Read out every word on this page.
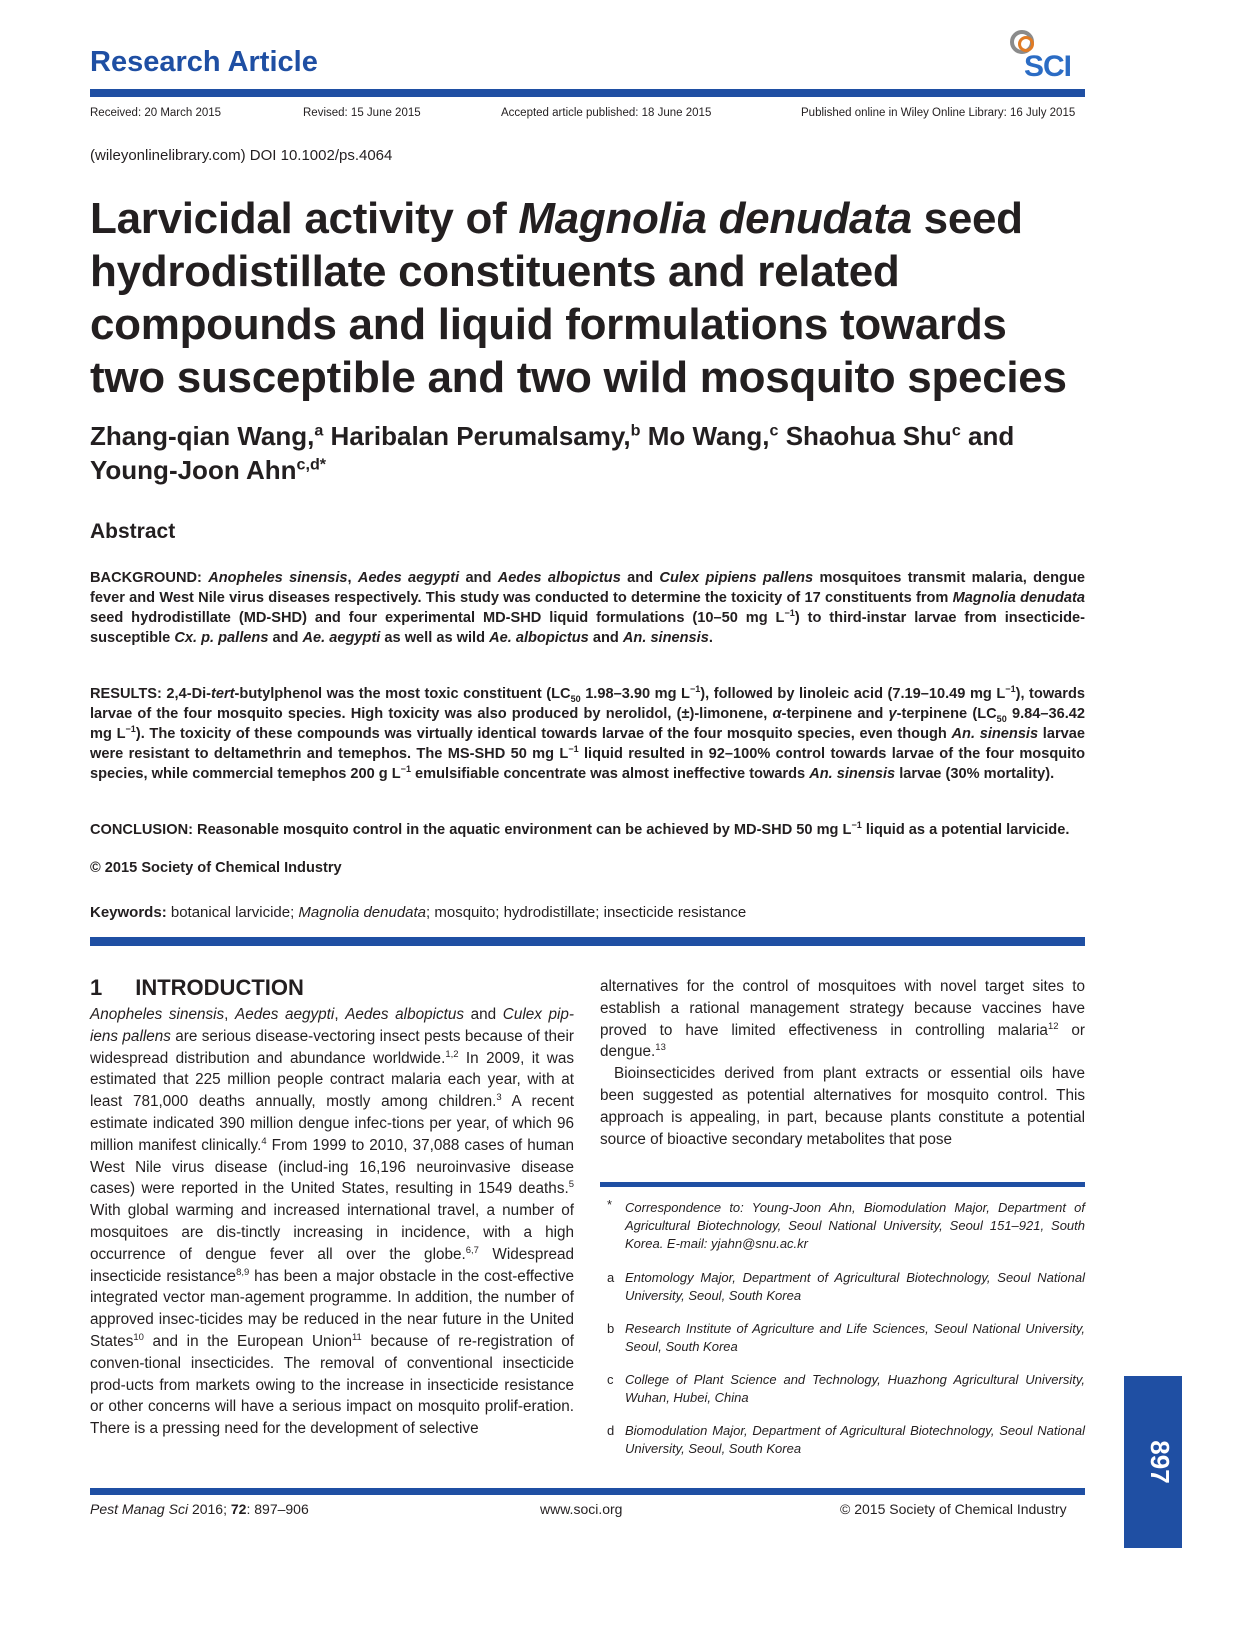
Research Article	SCI
Received: 20 March 2015	Revised: 15 June 2015	Accepted article published: 18 June 2015	Published online in Wiley Online Library: 16 July 2015
(wileyonlinelibrary.com) DOI 10.1002/ps.4064
Larvicidal activity of Magnolia denudata seed hydrodistillate constituents and related compounds and liquid formulations towards two susceptible and two wild mosquito species
Zhang-qian Wang,$^a$ Haribalan Perumalsamy,$^b$ Mo Wang,$^c$ Shaohua Shu$^c$ and
Young-Joon Ahn$^{c,d*}$
Abstract
BACKGROUND: Anopheles sinensis, Aedes aegypti and Aedes albopictus and Culex pipiens pallens mosquitoes transmit malaria, dengue fever and West Nile virus diseases respectively. This study was conducted to determine the toxicity of 17 constituents from Magnolia denudata seed hydrodistillate (MD-SHD) and four experimental MD-SHD liquid formulations (10–50 mg $L^{-1}$) to third-instar larvae from insecticide-susceptible Cx. p. pallens and Ae. aegypti as well as wild Ae. albopictus and An. sinensis.
RESULTS: 2,4-Di-tert-butylphenol was the most toxic constituent ($LC_{50}$ 1.98–3.90 mg $L^{-1}$), followed by linoleic acid (7.19–10.49 mg $L^{-1}$), towards larvae of the four mosquito species. High toxicity was also produced by nerolidol, (±)-limonene, α-terpinene and γ-terpinene ($LC_{50}$ 9.84–36.42 mg $L^{-1}$). The toxicity of these compounds was virtually identical towards larvae of the four mosquito species, even though An. sinensis larvae were resistant to deltamethrin and temephos. The MS-SHD 50 mg $L^{-1}$ liquid resulted in 92–100% control towards larvae of the four mosquito species, while commercial temephos 200 g $L^{-1}$ emulsifiable concentrate was almost ineffective towards An. sinensis larvae (30% mortality).
CONCLUSION: Reasonable mosquito control in the aquatic environment can be achieved by MD-SHD 50 mg $L^{-1}$ liquid as a potential larvicide.
© 2015 Society of Chemical Industry
Keywords: botanical larvicide; Magnolia denudata; mosquito; hydrodistillate; insecticide resistance
1  INTRODUCTION

Anopheles sinensis, Aedes aegypti, Aedes albopictus and Culex pip-iens pallens are serious disease-vectoring insect pests because of their widespread distribution and abundance worldwide.$^{1,2}$ In 2009, it was estimated that 225 million people contract malaria each year, with at least 781,000 deaths annually, mostly among children.$^3$ A recent estimate indicated 390 million dengue infec-tions per year, of which 96 million manifest clinically.$^4$ From 1999 to 2010, 37,088 cases of human West Nile virus disease (includ-ing 16,196 neuroinvasive disease cases) were reported in the United States, resulting in 1549 deaths.$^5$ With global warming and increased international travel, a number of mosquitoes are dis-tinctly increasing in incidence, with a high occurrence of dengue fever all over the globe.$^{6,7}$ Widespread insecticide resistance$^{8,9}$ has been a major obstacle in the cost-effective integrated vector man-agement programme. In addition, the number of approved insec-ticides may be reduced in the near future in the United States$^{10}$ and in the European Union$^{11}$ because of re-registration of conven-tional insecticides. The removal of conventional insecticide prod-ucts from markets owing to the increase in insecticide resistance or other concerns will have a serious impact on mosquito prolif-eration. There is a pressing need for the development of selective

alternatives for the control of mosquitoes with novel target sites to establish a rational management strategy because vaccines have proved to have limited effectiveness in controlling malaria$^{12}$ or dengue.$^{13}$

Bioinsecticides derived from plant extracts or essential oils have been suggested as potential alternatives for mosquito control. This approach is appealing, in part, because plants constitute a potential source of bioactive secondary metabolites that pose

* Correspondence to: Young-Joon Ahn, Biomodulation Major, Department of Agricultural Biotechnology, Seoul National University, Seoul 151–921, South Korea. E-mail: yjahn@snu.ac.kr
a Entomology Major, Department of Agricultural Biotechnology, Seoul National University, Seoul, South Korea
b Research Institute of Agriculture and Life Sciences, Seoul National University, Seoul, South Korea
c College of Plant Science and Technology, Huazhong Agricultural University, Wuhan, Hubei, China
d Biomodulation Major, Department of Agricultural Biotechnology, Seoul National University, Seoul, South Korea
Pest Manag Sci 2016; 72: 897–906	www.soci.org	© 2015 Society of Chemical Industry
897
